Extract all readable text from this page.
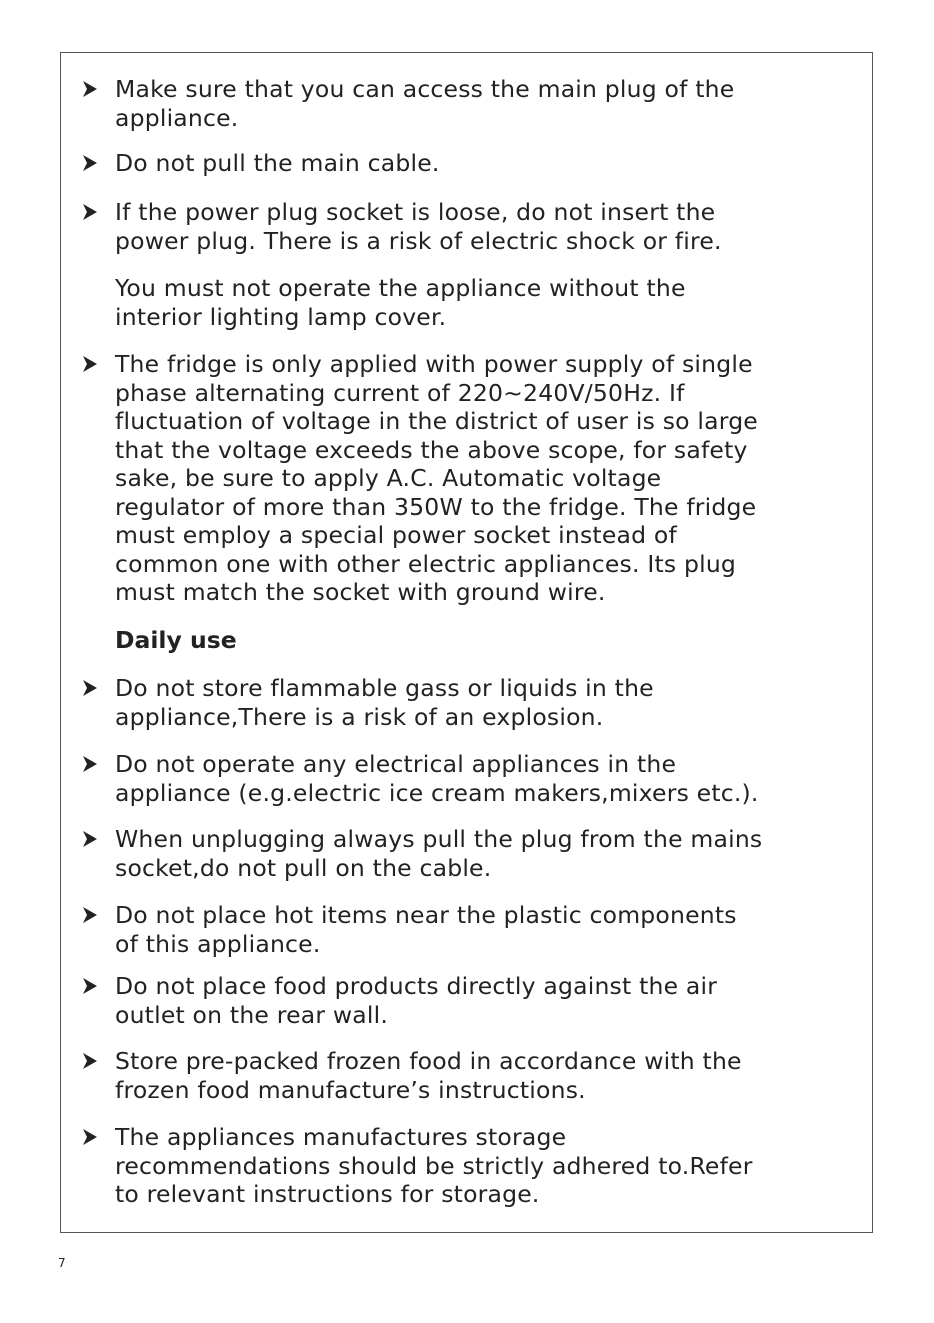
Make sure that you can access the main plug of the
appliance.
Do not pull the main cable.
If the power plug socket is loose, do not insert the
power plug. There is a risk of electric shock or fire.
You must not operate the appliance without the
interior lighting lamp cover.
The fridge is only applied with power supply of single
phase alternating current of 220~240V/50Hz. If
fluctuation of voltage in the district of user is so large
that the voltage exceeds the above scope, for safety
sake, be sure to apply A.C. Automatic voltage
regulator of more than 350W to the fridge. The fridge
must employ a special power socket instead of
common one with other electric appliances. Its plug
must match the socket with ground wire.
Daily use
Do not store flammable gass or liquids in the
appliance,There is a risk of an explosion.
Do not operate any electrical appliances in the
appliance (e.g.electric ice cream makers,mixers etc.).
When unplugging always pull the plug from the mains
socket,do not pull on the cable.
Do not place hot items near the plastic components
of this appliance.
Do not place food products directly against the air
outlet on the rear wall.
Store pre-packed frozen food in accordance with the
frozen food manufacture’s instructions.
The appliances manufactures storage
recommendations should be strictly adhered to.Refer
to relevant instructions for storage.
7
